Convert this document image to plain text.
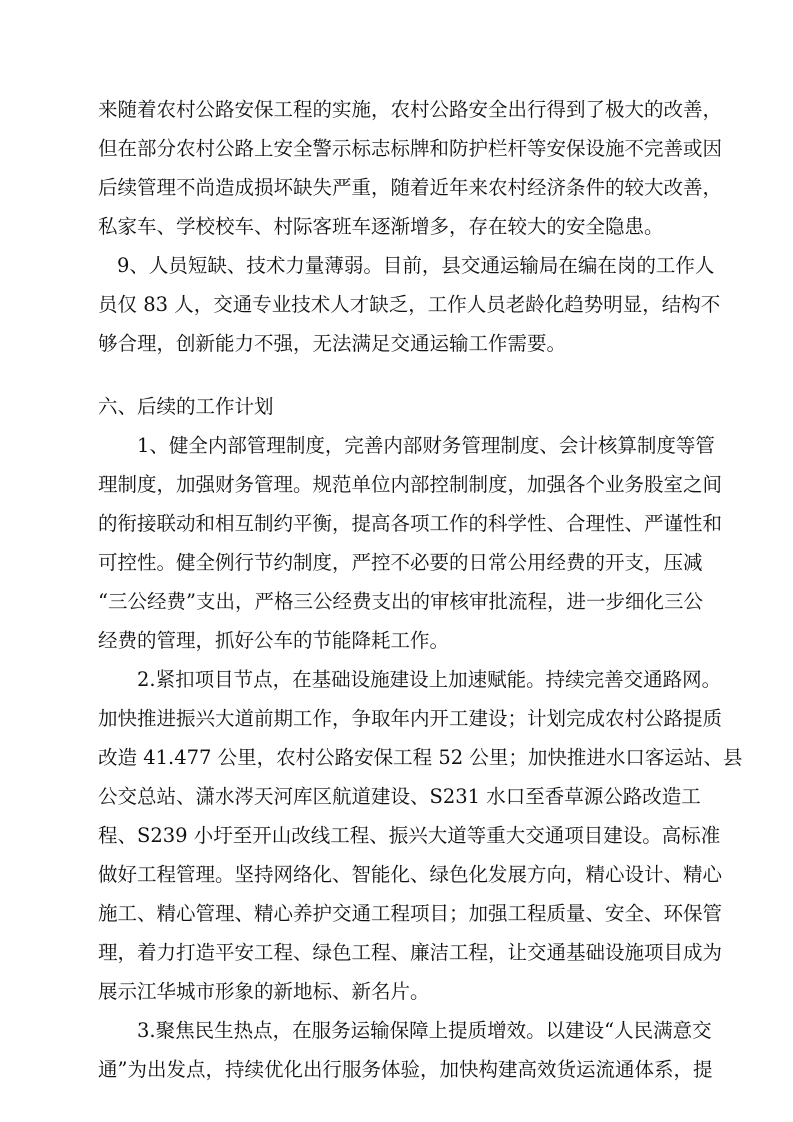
来随着农村公路安保工程的实施，农村公路安全出行得到了极大的改善，
但在部分农村公路上安全警示标志标牌和防护栏杆等安保设施不完善或因
后续管理不尚造成损坏缺失严重，随着近年来农村经济条件的较大改善，
私家车、学校校车、村际客班车逐渐增多，存在较大的安全隐患。
9、人员短缺、技术力量薄弱。目前，县交通运输局在编在岗的工作人
员仅 83 人，交通专业技术人才缺乏，工作人员老龄化趋势明显，结构不
够合理，创新能力不强，无法满足交通运输工作需要。
六、后续的工作计划
1、健全内部管理制度，完善内部财务管理制度、会计核算制度等管
理制度，加强财务管理。规范单位内部控制制度，加强各个业务股室之间
的衔接联动和相互制约平衡，提高各项工作的科学性、合理性、严谨性和
可控性。健全例行节约制度，严控不必要的日常公用经费的开支，压减
“三公经费”支出，严格三公经费支出的审核审批流程，进一步细化三公
经费的管理，抓好公车的节能降耗工作。
2.紧扣项目节点，在基础设施建设上加速赋能。持续完善交通路网。
加快推进振兴大道前期工作，争取年内开工建设；计划完成农村公路提质
改造 41.477 公里，农村公路安保工程 52 公里；加快推进水口客运站、县
公交总站、潇水涔天河库区航道建设、S231 水口至香草源公路改造工
程、S239 小圩至开山改线工程、振兴大道等重大交通项目建设。高标准
做好工程管理。坚持网络化、智能化、绿色化发展方向，精心设计、精心
施工、精心管理、精心养护交通工程项目；加强工程质量、安全、环保管
理，着力打造平安工程、绿色工程、廉洁工程，让交通基础设施项目成为
展示江华城市形象的新地标、新名片。
3.聚焦民生热点，在服务运输保障上提质增效。以建设“人民满意交
通”为出发点，持续优化出行服务体验，加快构建高效货运流通体系，提
